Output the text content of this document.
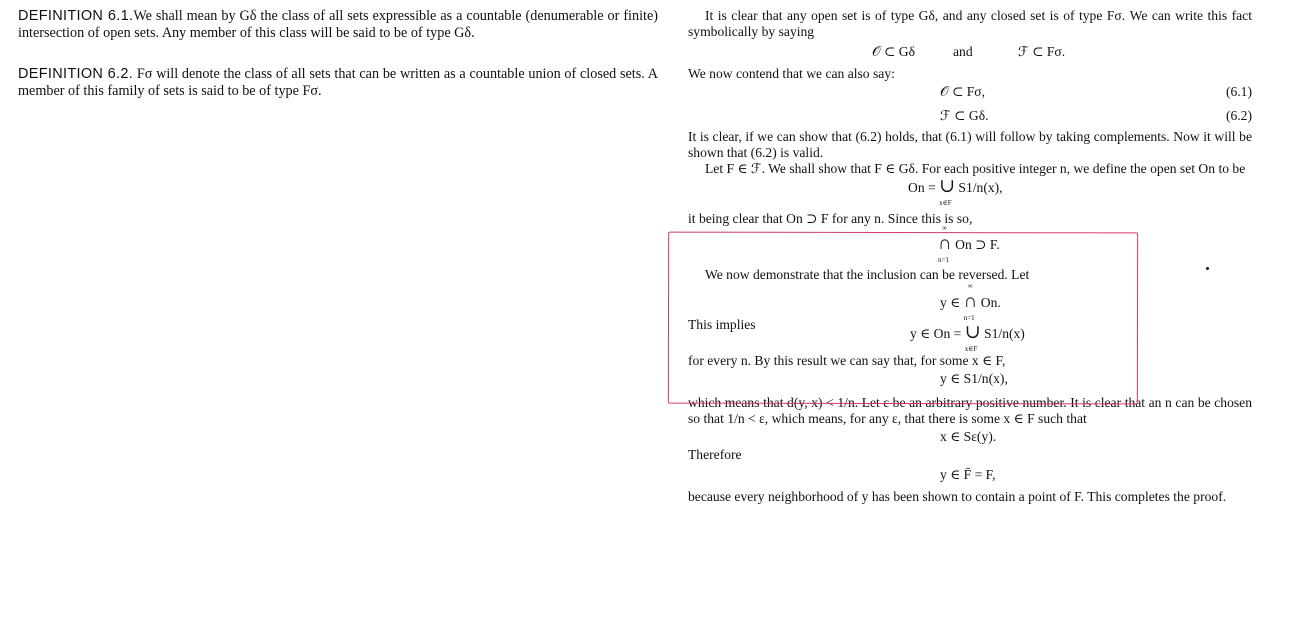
DEFINITION 6.1.We shall mean by Gδ the class of all sets expressible as a countable (denumerable or finite) intersection of open sets. Any member of this class will be said to be of type Gδ.

DEFINITION 6.2. Fσ will denote the class of all sets that can be written as a countable union of closed sets. A member of this family of sets is said to be of type Fσ.

It is clear that any open set is of type Gδ, and any closed set is of type Fσ. We can write this fact symbolically by saying

𝒪 ⊂ Gδ	and	ℱ ⊂ Fσ.

We now contend that we can also say:

𝒪 ⊂ Fσ,	(6.1)
ℱ ⊂ Gδ.	(6.2)

It is clear, if we can show that (6.2) holds, that (6.1) will follow by taking complements. Now it will be shown that (6.2) is valid.

Let F ∈ ℱ. We shall show that F ∈ Gδ. For each positive integer n, we define the open set On to be

On = ∪
x∈F
S1/n(x),

it being clear that On ⊃ F for any n. Since this is so,

∞
∩
n=1
On ⊃ F.

We now demonstrate that the inclusion can be reversed. Let

y ∈
∞
∩
n=1
On.
This implies
y ∈ On = ∪
x∈F
S1/n(x)

for every n. By this result we can say that, for some x ∈ F,

y ∈ S1/n(x),

which means that d(y, x) < 1/n. Let ε be an arbitrary positive number. It is clear that an n can be chosen so that 1/n < ε, which means, for any ε, that there is some x ∈ F such that

x ∈ Sε(y).

Therefore

y ∈ F̄ = F,

because every neighborhood of y has been shown to contain a point of F. This completes the proof.
